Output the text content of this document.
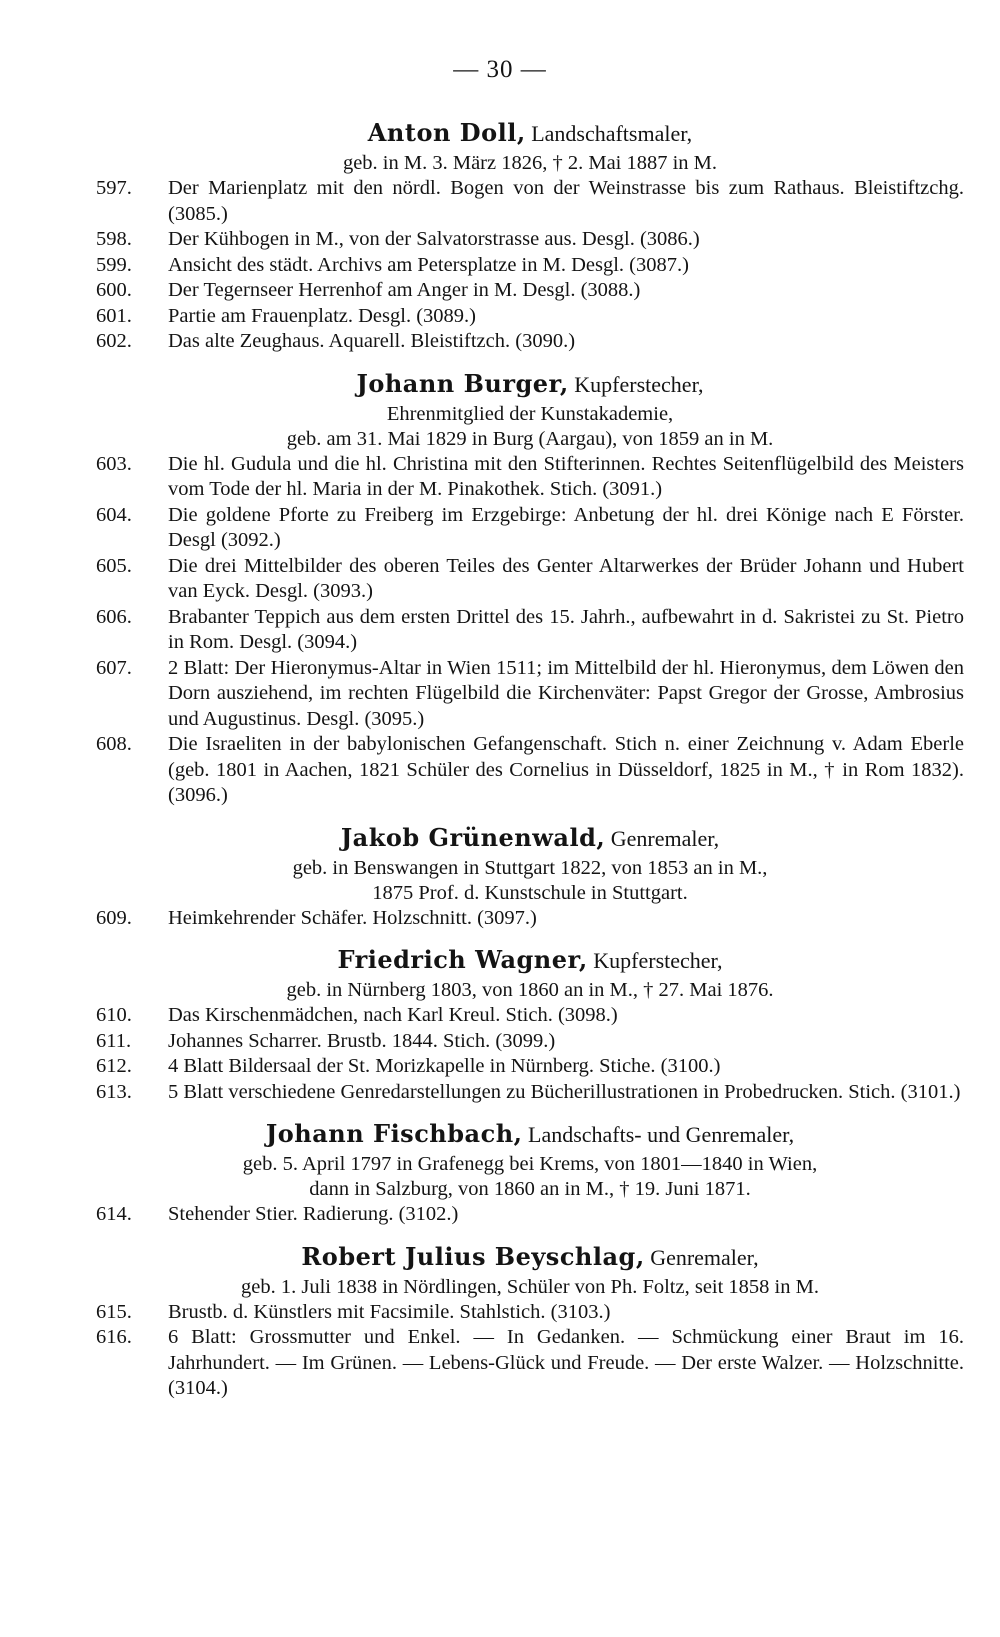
— 30 —
Anton Doll, Landschaftsmaler,
geb. in M. 3. März 1826, † 2. Mai 1887 in M.
597.	Der Marienplatz mit den nördl. Bogen von der Weinstrasse bis zum Rathaus. Bleistiftzchg. (3085.)
598.	Der Kühbogen in M., von der Salvatorstrasse aus. Desgl. (3086.)
599.	Ansicht des städt. Archivs am Petersplatze in M. Desgl. (3087.)
600.	Der Tegernseer Herrenhof am Anger in M. Desgl. (3088.)
601.	Partie am Frauenplatz. Desgl. (3089.)
602.	Das alte Zeughaus. Aquarell. Bleistiftzch. (3090.)
Johann Burger, Kupferstecher,
Ehrenmitglied der Kunstakademie,
geb. am 31. Mai 1829 in Burg (Aargau), von 1859 an in M.
603.	Die hl. Gudula und die hl. Christina mit den Stifterinnen. Rechtes Seitenflügelbild des Meisters vom Tode der hl. Maria in der M. Pinakothek. Stich. (3091.)
604.	Die goldene Pforte zu Freiberg im Erzgebirge: Anbetung der hl. drei Könige nach E Förster. Desgl (3092.)
605.	Die drei Mittelbilder des oberen Teiles des Genter Altarwerkes der Brüder Johann und Hubert van Eyck. Desgl. (3093.)
606.	Brabanter Teppich aus dem ersten Drittel des 15. Jahrh., aufbewahrt in d. Sakristei zu St. Pietro in Rom. Desgl. (3094.)
607.	2 Blatt: Der Hieronymus-Altar in Wien 1511; im Mittelbild der hl. Hieronymus, dem Löwen den Dorn ausziehend, im rechten Flügelbild die Kirchenväter: Papst Gregor der Grosse, Ambrosius und Augustinus. Desgl. (3095.)
608.	Die Israeliten in der babylonischen Gefangenschaft. Stich n. einer Zeichnung v. Adam Eberle (geb. 1801 in Aachen, 1821 Schüler des Cornelius in Düsseldorf, 1825 in M., † in Rom 1832). (3096.)
Jakob Grünenwald, Genremaler,
geb. in Benswangen in Stuttgart 1822, von 1853 an in M.,
1875 Prof. d. Kunstschule in Stuttgart.
609.	Heimkehrender Schäfer. Holzschnitt. (3097.)
Friedrich Wagner, Kupferstecher,
geb. in Nürnberg 1803, von 1860 an in M., † 27. Mai 1876.
610.	Das Kirschenmädchen, nach Karl Kreul. Stich. (3098.)
611.	Johannes Scharrer. Brustb. 1844. Stich. (3099.)
612.	4 Blatt Bildersaal der St. Morizkapelle in Nürnberg. Stiche. (3100.)
613.	5 Blatt verschiedene Genredarstellungen zu Bücherillustrationen in Probedrucken. Stich. (3101.)
Johann Fischbach, Landschafts- und Genremaler,
geb. 5. April 1797 in Grafenegg bei Krems, von 1801—1840 in Wien,
dann in Salzburg, von 1860 an in M., † 19. Juni 1871.
614.	Stehender Stier. Radierung. (3102.)
Robert Julius Beyschlag, Genremaler,
geb. 1. Juli 1838 in Nördlingen, Schüler von Ph. Foltz, seit 1858 in M.
615.	Brustb. d. Künstlers mit Facsimile. Stahlstich. (3103.)
616.	6 Blatt: Grossmutter und Enkel. — In Gedanken. — Schmückung einer Braut im 16. Jahrhundert. — Im Grünen. — Lebens-Glück und Freude. — Der erste Walzer. — Holzschnitte. (3104.)
